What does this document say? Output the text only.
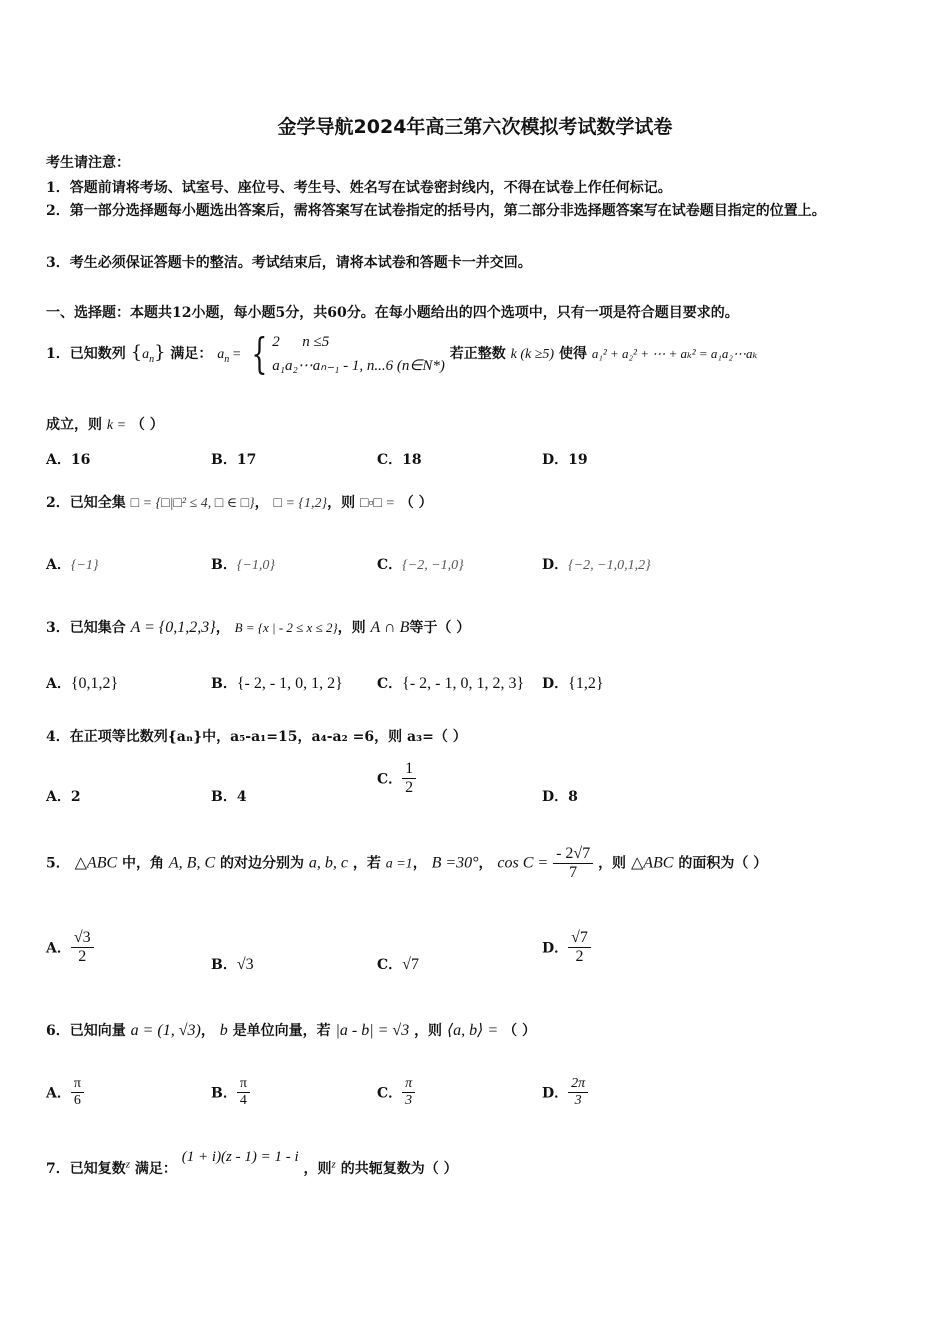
金学导航2024年高三第六次模拟考试数学试卷
考生请注意：
1．答题前请将考场、试室号、座位号、考生号、姓名写在试卷密封线内，不得在试卷上作任何标记。
2．第一部分选择题每小题选出答案后，需将答案写在试卷指定的括号内，第二部分非选择题答案写在试卷题目指定的位置上。
3．考生必须保证答题卡的整洁。考试结束后，请将本试卷和答题卡一并交回。
一、选择题：本题共12小题，每小题5分，共60分。在每小题给出的四个选项中，只有一项是符合题目要求的。
1．已知数列 $\{a_n\}$ 满足： $a_n$ = { 2 n ≤5
a₁a₂⋯aₙ₋₁ - 1, n...6 (n∈N*)
若正整数 k (k ≥5) 使得 a₁² + a₂² + ⋯ + aₖ² = a₁a₂⋯aₖ
成立，则 k = （ ）
A．16	B．17	C．18	D．19
2．已知全集 □ = {□|□² ≤ 4, □ ∈ □}， □ = {1,2}，则 □▫□ = （ ）
A．{−1}	B．{−1,0}	C．{−2, −1,0}	D．{−2, −1,0,1,2}
3．已知集合 A = {0,1,2,3}， B = {x | - 2 ≤ x ≤ 2}，则 A ∩ B等于（ ）
A．{0,1,2}	B．{- 2, - 1, 0, 1, 2} C．{- 2, - 1, 0, 1, 2, 3} D．{1,2}
4．在正项等比数列{aₙ}中，a₅-a₁=15，a₄-a₂ =6，则 a₃=（ ）
A．2	B．4
C． $\frac{1}{2}$	D．8
5． △ABC 中，角 A, B, C 的对边分别为 a, b, c ，若 a =1， B =30°， $\cos C = \frac{- 2√7}{7}$ ，则 △ABC 的面积为（ ）
A． $\frac{√3}{2}$	B．√3	C．√7
D． $\frac{√7}{2}$
6．已知向量 a = (1, √3)， b 是单位向量，若 |a - b| = √3 ，则 ⟨a, b⟩ = （ ）
A． $\frac{\pi}{6}$	B． $\frac{\pi}{4}$	C． $\frac{\pi}{3}$	D． $\frac{2\pi}{3}$
7．已知复数$^z$ 满足： (1 + i)(z - 1) = 1 - i ，则$^z$ 的共轭复数为（ ）
